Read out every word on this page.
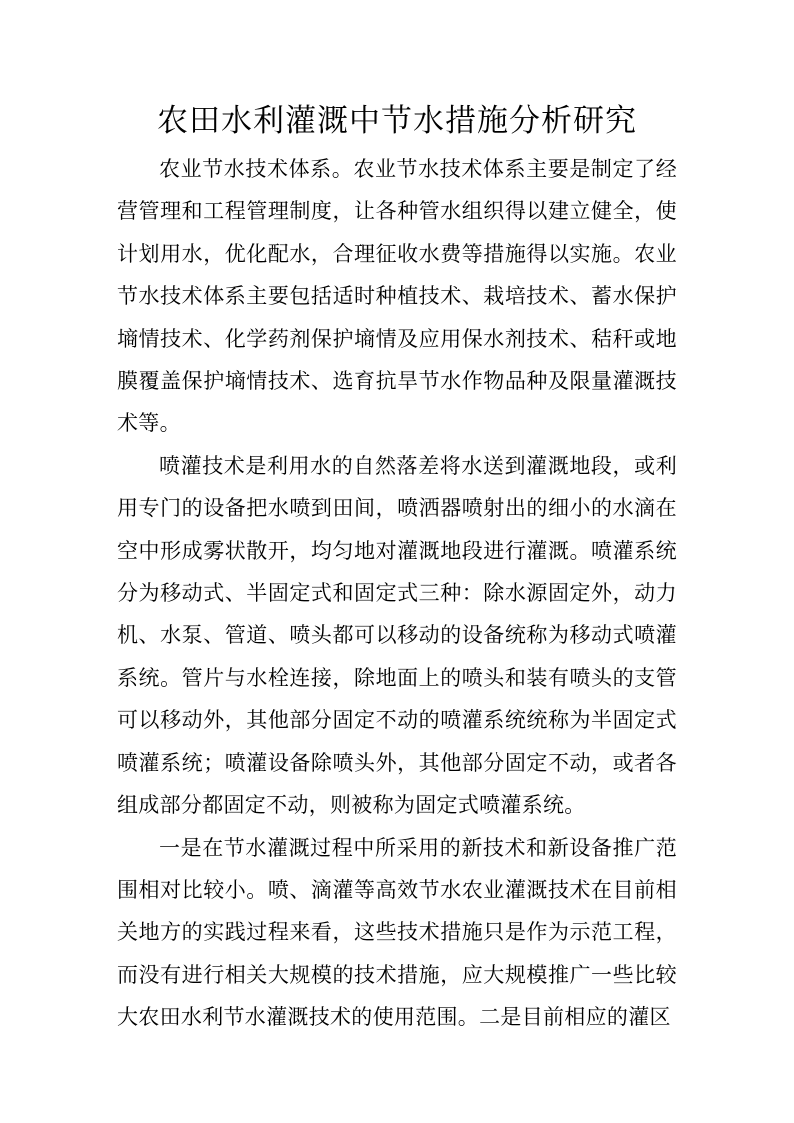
农田水利灌溉中节水措施分析研究

农业节水技术体系。农业节水技术体系主要是制定了经营管理和工程管理制度，让各种管水组织得以建立健全，使计划用水，优化配水，合理征收水费等措施得以实施。农业节水技术体系主要包括适时种植技术、栽培技术、蓄水保护墒情技术、化学药剂保护墒情及应用保水剂技术、秸秆或地膜覆盖保护墒情技术、选育抗旱节水作物品种及限量灌溉技术等。

喷灌技术是利用水的自然落差将水送到灌溉地段，或利用专门的设备把水喷到田间，喷洒器喷射出的细小的水滴在空中形成雾状散开，均匀地对灌溉地段进行灌溉。喷灌系统分为移动式、半固定式和固定式三种：除水源固定外，动力机、水泵、管道、喷头都可以移动的设备统称为移动式喷灌系统。管片与水栓连接，除地面上的喷头和装有喷头的支管可以移动外，其他部分固定不动的喷灌系统统称为半固定式喷灌系统；喷灌设备除喷头外，其他部分固定不动，或者各组成部分都固定不动，则被称为固定式喷灌系统。

一是在节水灌溉过程中所采用的新技术和新设备推广范围相对比较小。喷、滴灌等高效节水农业灌溉技术在目前相关地方的实践过程来看，这些技术措施只是作为示范工程，而没有进行相关大规模的技术措施，应大规模推广一些比较大农田水利节水灌溉技术的使用范围。二是目前相应的灌区
